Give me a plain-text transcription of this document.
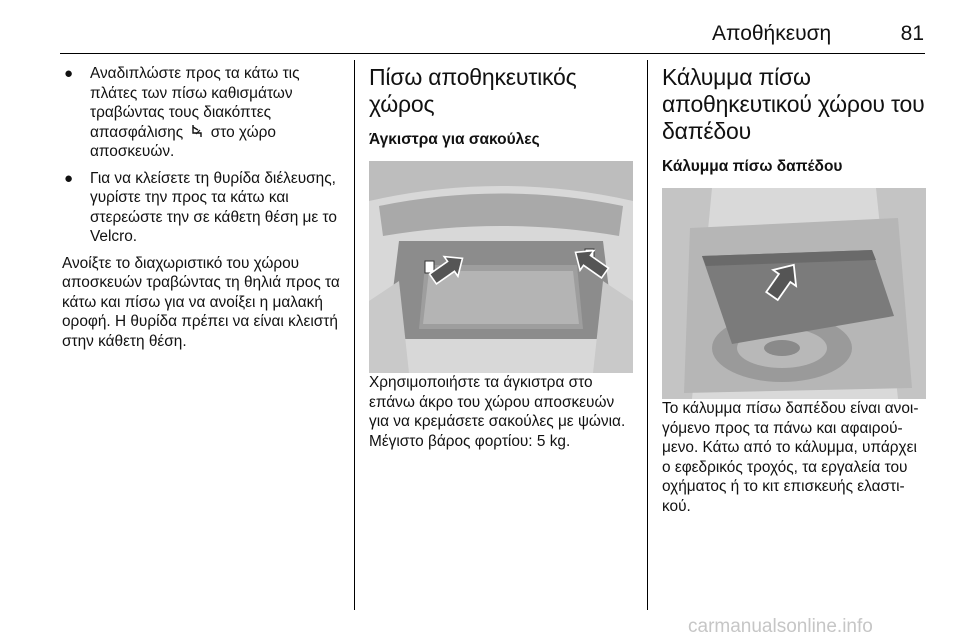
Αποθήκευση	81
● Αναδιπλώστε προς τα κάτω τις πλάτες των πίσω καθισμάτων τραβώντας τους διακόπτες απασφάλισης στο χώρο αποσκευών.
● Για να κλείσετε τη θυρίδα διέλευσης, γυρίστε την προς τα κάτω και στερεώστε την σε κάθετη θέση με το Velcro.

Ανοίξτε το διαχωριστικό του χώρου αποσκευών τραβώντας τη θηλιά προς τα κάτω και πίσω για να ανοίξει η μαλακή οροφή. Η θυρίδα πρέπει να είναι κλειστή στην κάθετη θέση.

Πίσω αποθηκευτικός χώρος
Άγκιστρα για σακούλες

Χρησιμοποιήστε τα άγκιστρα στο επάνω άκρο του χώρου αποσκευών για να κρεμάσετε σακούλες με ψώνια. Μέγιστο βάρος φορτίου: 5 kg.

Κάλυμμα πίσω αποθηκευτικού χώρου του δαπέδου
Κάλυμμα πίσω δαπέδου

Το κάλυμμα πίσω δαπέδου είναι ανοιγόμενο προς τα πάνω και αφαιρούμενο. Κάτω από το κάλυμμα, υπάρχει ο εφεδρικός τροχός, τα εργαλεία του οχήματος ή το κιτ επισκευής ελαστικού.

carmanualsonline.info
